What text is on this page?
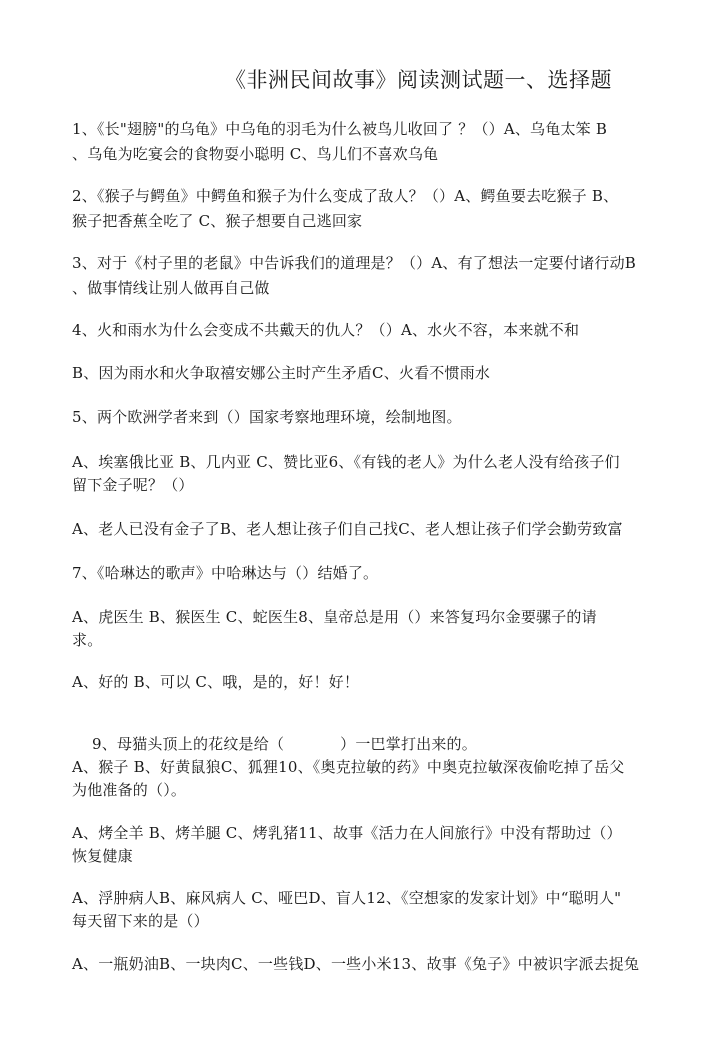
《非洲民间故事》阅读测试题一、选择题
1、《长"翅膀"的乌龟》中乌龟的羽毛为什么被鸟儿收回了 ？（）A、乌龟太笨 B
、乌龟为吃宴会的食物耍小聪明 C、鸟儿们不喜欢乌龟
2、《猴子与鳄鱼》中鳄鱼和猴子为什么变成了敌人？（）A、鳄鱼要去吃猴子 B、
猴子把香蕉全吃了 C、猴子想要自己逃回家
3、对于《村子里的老鼠》中告诉我们的道理是？（）A、有了想法一定要付诸行动B
、做事情线让别人做再自己做
4、火和雨水为什么会变成不共戴天的仇人？（）A、水火不容，本来就不和
B、因为雨水和火争取禧安娜公主时产生矛盾C、火看不惯雨水
5、两个欧洲学者来到（）国家考察地理环境，绘制地图。
A、埃塞俄比亚 B、几内亚 C、赞比亚6、《有钱的老人》为什么老人没有给孩子们
留下金子呢？（）
A、老人已没有金子了B、老人想让孩子们自己找C、老人想让孩子们学会勤劳致富
7、《哈琳达的歌声》中哈琳达与（）结婚了。
A、虎医生 B、猴医生 C、蛇医生8、皇帝总是用（）来答复玛尔金要骡子的请
求。
A、好的 B、可以 C、哦，是的，好！好！
9、母猫头顶上的花纹是给（	）一巴掌打出来的。
A、猴子 B、好黄鼠狼C、狐狸10、《奥克拉敏的药》中奥克拉敏深夜偷吃掉了岳父
为他准备的（）。
A、烤全羊 B、烤羊腿 C、烤乳猪11、故事《活力在人间旅行》中没有帮助过（）
恢复健康
A、浮肿病人B、麻风病人 C、哑巴D、盲人12、《空想家的发家计划》中“聪明人"
每天留下来的是（）
A、一瓶奶油B、一块肉C、一些钱D、一些小米13、故事《兔子》中被识字派去捉兔
